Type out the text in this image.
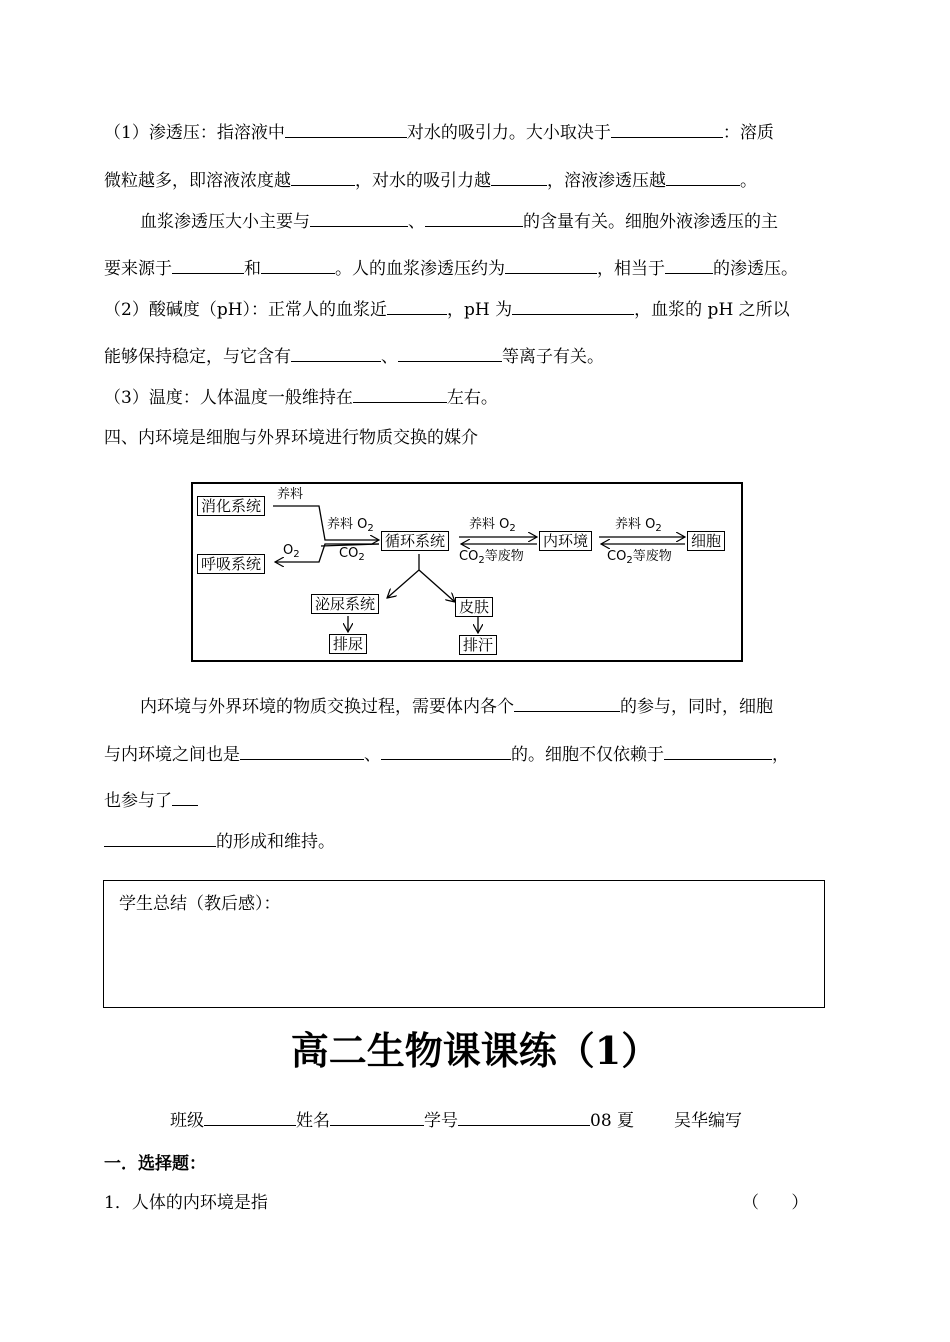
（1）渗透压：指溶液中	对水的吸引力。大小取决于	：溶质
微粒越多，即溶液浓度越	，对水的吸引力越	，溶液渗透压越	。
血浆渗透压大小主要与	、	的含量有关。细胞外液渗透压的主
要来源于	和	。人的血浆渗透压约为	，相当于	的渗透压。
（2）酸碱度（pH）：正常人的血浆近	，pH 为	，血浆的 pH 之所以
能够保持稳定，与它含有	、	等离子有关。
（3）温度：人体温度一般维持在	左右。
四、内环境是细胞与外界环境进行物质交换的媒介
消化系统
呼吸系统
循环系统	内环境	细胞
泌尿系统	皮肤
排尿	排汗
养料
养料 $O_2$
$O_2$	$CO_2$
养料 $O_2$
$CO_2$等废物
养料 $O_2$
$CO_2$等废物
内环境与外界环境的物质交换过程，需要体内各个	的参与，同时，细胞
与内环境之间也是	、	的。细胞不仅依赖于	，
也参与了
的形成和维持。
学生总结（教后感）：
高二生物课课练（1）
班级	姓名	学号	08 夏 吴华编写
一．选择题：
1．人体的内环境是指	（      ）
